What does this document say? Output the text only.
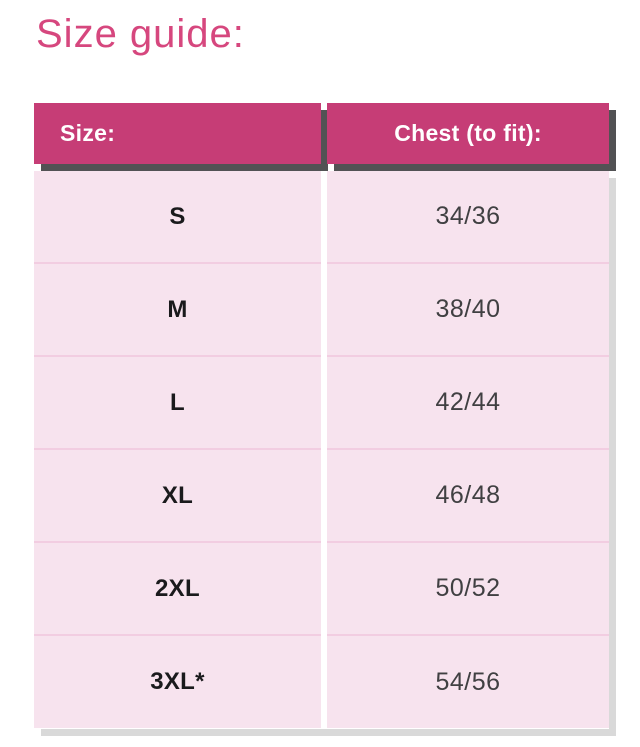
Size guide:
Size:	Chest (to fit):
S	34/36
M	38/40
L	42/44
XL	46/48
2XL	50/52
3XL*	54/56
